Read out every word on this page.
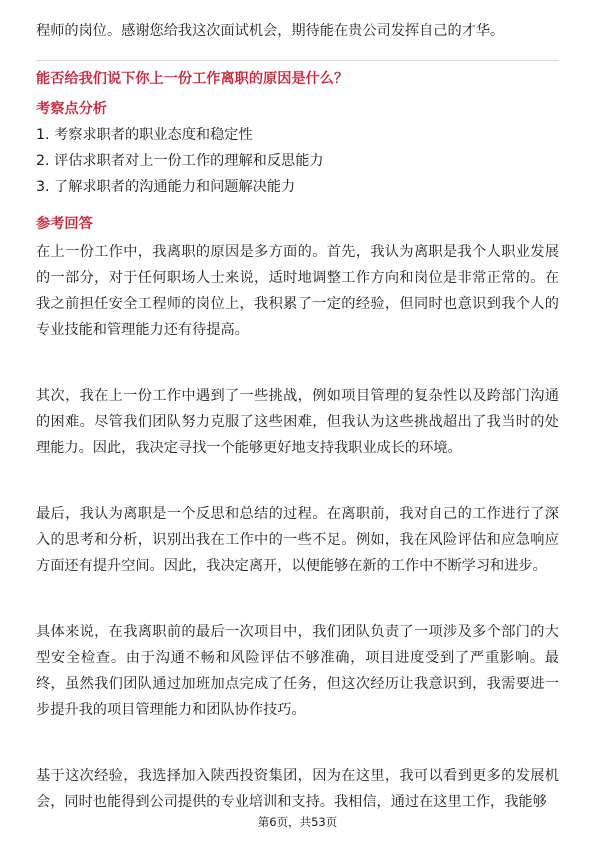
程师的岗位。感谢您给我这次面试机会，期待能在贵公司发挥自己的才华。
能否给我们说下你上一份工作离职的原因是什么？
考察点分析
1. 考察求职者的职业态度和稳定性
2. 评估求职者对上一份工作的理解和反思能力
3. 了解求职者的沟通能力和问题解决能力
参考回答

在上一份工作中，我离职的原因是多方面的。首先，我认为离职是我个人职业发展的一部分，对于任何职场人士来说，适时地调整工作方向和岗位是非常正常的。在我之前担任安全工程师的岗位上，我积累了一定的经验，但同时也意识到我个人的专业技能和管理能力还有待提高。

其次，我在上一份工作中遇到了一些挑战，例如项目管理的复杂性以及跨部门沟通的困难。尽管我们团队努力克服了这些困难，但我认为这些挑战超出了我当时的处理能力。因此，我决定寻找一个能够更好地支持我职业成长的环境。

最后，我认为离职是一个反思和总结的过程。在离职前，我对自己的工作进行了深入的思考和分析，识别出我在工作中的一些不足。例如，我在风险评估和应急响应方面还有提升空间。因此，我决定离开，以便能够在新的工作中不断学习和进步。

具体来说，在我离职前的最后一次项目中，我们团队负责了一项涉及多个部门的大型安全检查。由于沟通不畅和风险评估不够准确，项目进度受到了严重影响。最终，虽然我们团队通过加班加点完成了任务，但这次经历让我意识到，我需要进一步提升我的项目管理能力和团队协作技巧。

基于这次经验，我选择加入陕西投资集团，因为在这里，我可以看到更多的发展机会，同时也能得到公司提供的专业培训和支持。我相信，通过在这里工作，我能够

第6页，共53页
